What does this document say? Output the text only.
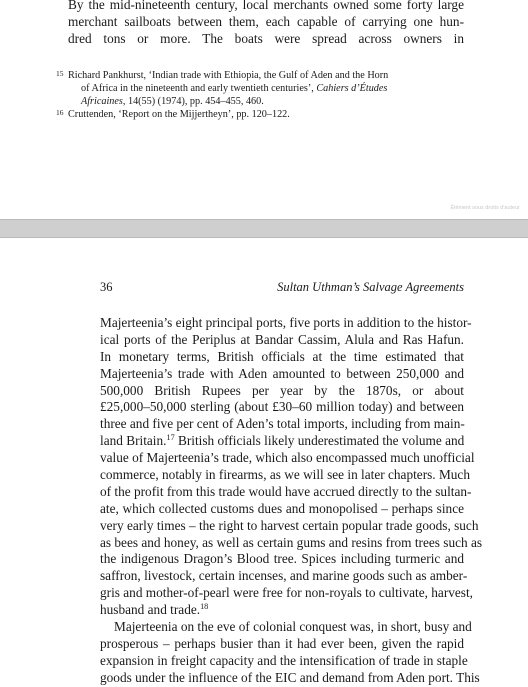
By the mid-nineteenth century, local merchants owned some forty large
merchant sailboats between them, each capable of carrying one hun-
dred tons or more. The boats were spread across owners in
15 Richard Pankhurst, ‘Indian trade with Ethiopia, the Gulf of Aden and the Horn
of Africa in the nineteenth and early twentieth centuries’, Cahiers d’Études
Africaines, 14(55) (1974), pp. 454–455, 460.
16 Cruttenden, ‘Report on the Mijjertheyn’, pp. 120–122.
Élément sous droits d'auteur
36	Sultan Uthman’s Salvage Agreements
Majerteenia’s eight principal ports, five ports in addition to the histor-
ical ports of the Periplus at Bandar Cassim, Alula and Ras Hafun.
In monetary terms, British officials at the time estimated that
Majerteenia’s trade with Aden amounted to between 250,000 and
500,000 British Rupees per year by the 1870s, or about
£25,000–50,000 sterling (about £30–60 million today) and between
three and five per cent of Aden’s total imports, including from main-
land Britain.$^{17}$ British officials likely underestimated the volume and
value of Majerteenia’s trade, which also encompassed much unofficial
commerce, notably in firearms, as we will see in later chapters. Much
of the profit from this trade would have accrued directly to the sultan-
ate, which collected customs dues and monopolised – perhaps since
very early times – the right to harvest certain popular trade goods, such
as bees and honey, as well as certain gums and resins from trees such as
the indigenous Dragon’s Blood tree. Spices including turmeric and
saffron, livestock, certain incenses, and marine goods such as amber-
gris and mother-of-pearl were free for non-royals to cultivate, harvest,
husband and trade.$^{18}$
Majerteenia on the eve of colonial conquest was, in short, busy and
prosperous – perhaps busier than it had ever been, given the rapid
expansion in freight capacity and the intensification of trade in staple
goods under the influence of the EIC and demand from Aden port. This
